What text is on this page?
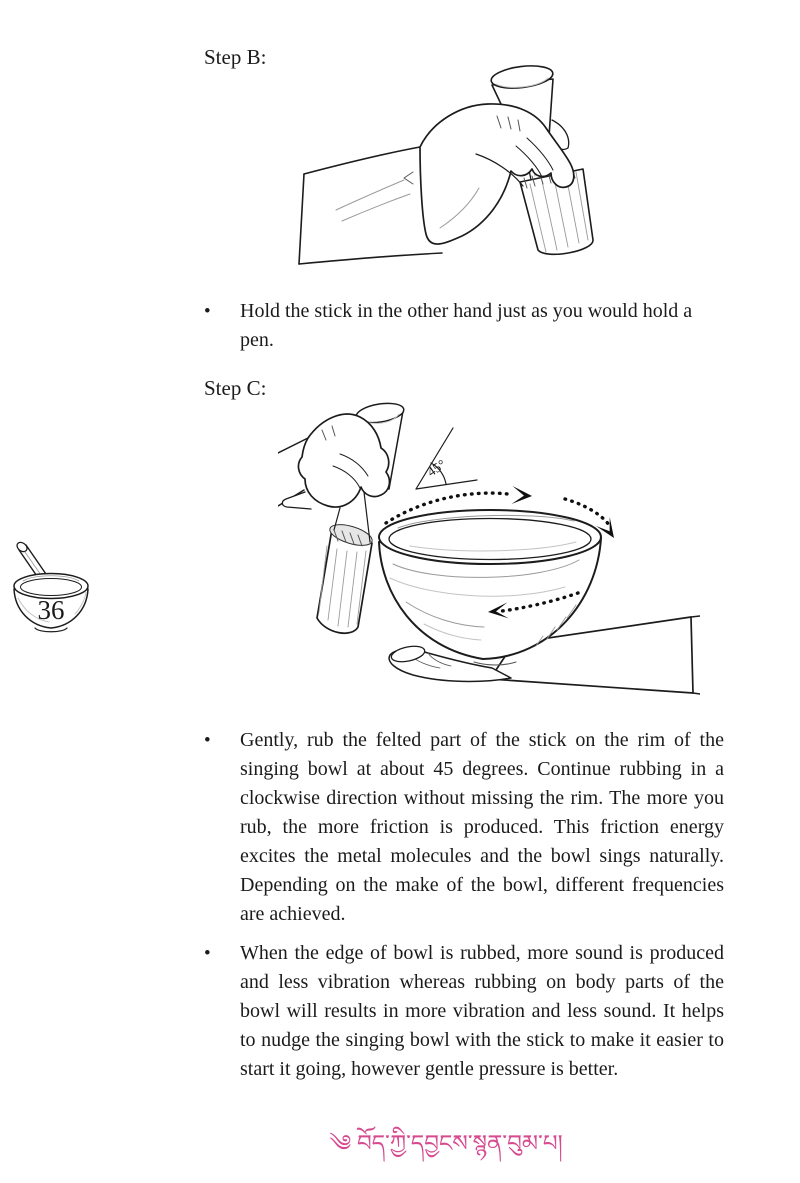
Step B:
•	Hold the stick in the other hand just as you would hold a pen.
Step C:
45°
36
•	Gently, rub the felted part of the stick on the rim of the singing bowl at about 45 degrees. Continue rubbing in a clockwise direction without missing the rim. The more you rub, the more friction is produced. This friction energy excites the metal molecules and the bowl sings naturally. Depending on the make of the bowl, different frequencies are achieved.
•	When the edge of bowl is rubbed, more sound is produced and less vibration whereas rubbing on body parts of the bowl will results in more vibration and less sound. It helps to nudge the singing bowl with the stick to make it easier to start it going, however gentle pressure is better.
༄ བོད་ཀྱི་དབྱངས་སྙན་བུམ་པ།
